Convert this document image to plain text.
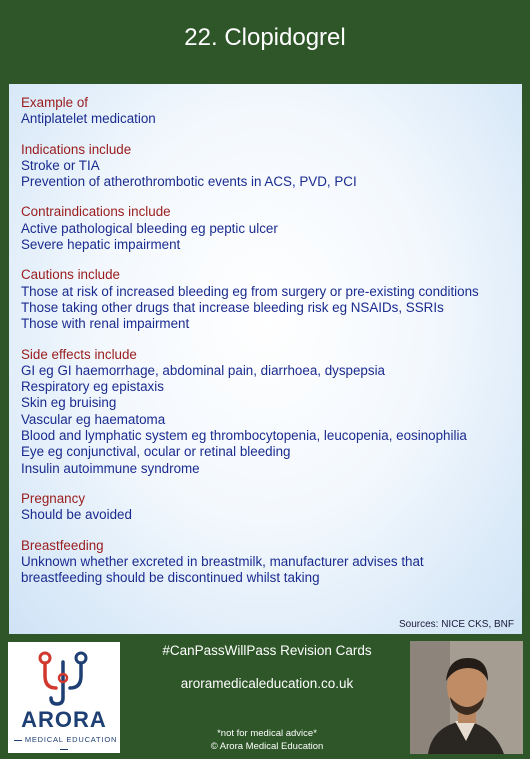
22. Clopidogrel
Example of
Antiplatelet medication
Indications include
Stroke or TIA
Prevention of atherothrombotic events in ACS, PVD, PCI
Contraindications include
Active pathological bleeding eg peptic ulcer
Severe hepatic impairment
Cautions include
Those at risk of increased bleeding eg from surgery or pre-existing conditions
Those taking other drugs that increase bleeding risk eg NSAIDs, SSRIs
Those with renal impairment
Side effects include
GI eg GI haemorrhage, abdominal pain, diarrhoea, dyspepsia
Respiratory eg epistaxis
Skin eg bruising
Vascular eg haematoma
Blood and lymphatic system eg thrombocytopenia, leucopenia, eosinophilia
Eye eg conjunctival, ocular or retinal bleeding
Insulin autoimmune syndrome
Pregnancy
Should be avoided
Breastfeeding
Unknown whether excreted in breastmilk, manufacturer advises that
breastfeeding should be discontinued whilst taking
Sources: NICE CKS, BNF
ARORA
MEDICAL EDUCATION
#CanPassWillPass Revision Cards
aroramedicaleducation.co.uk
*not for medical advice*
© Arora Medical Education
